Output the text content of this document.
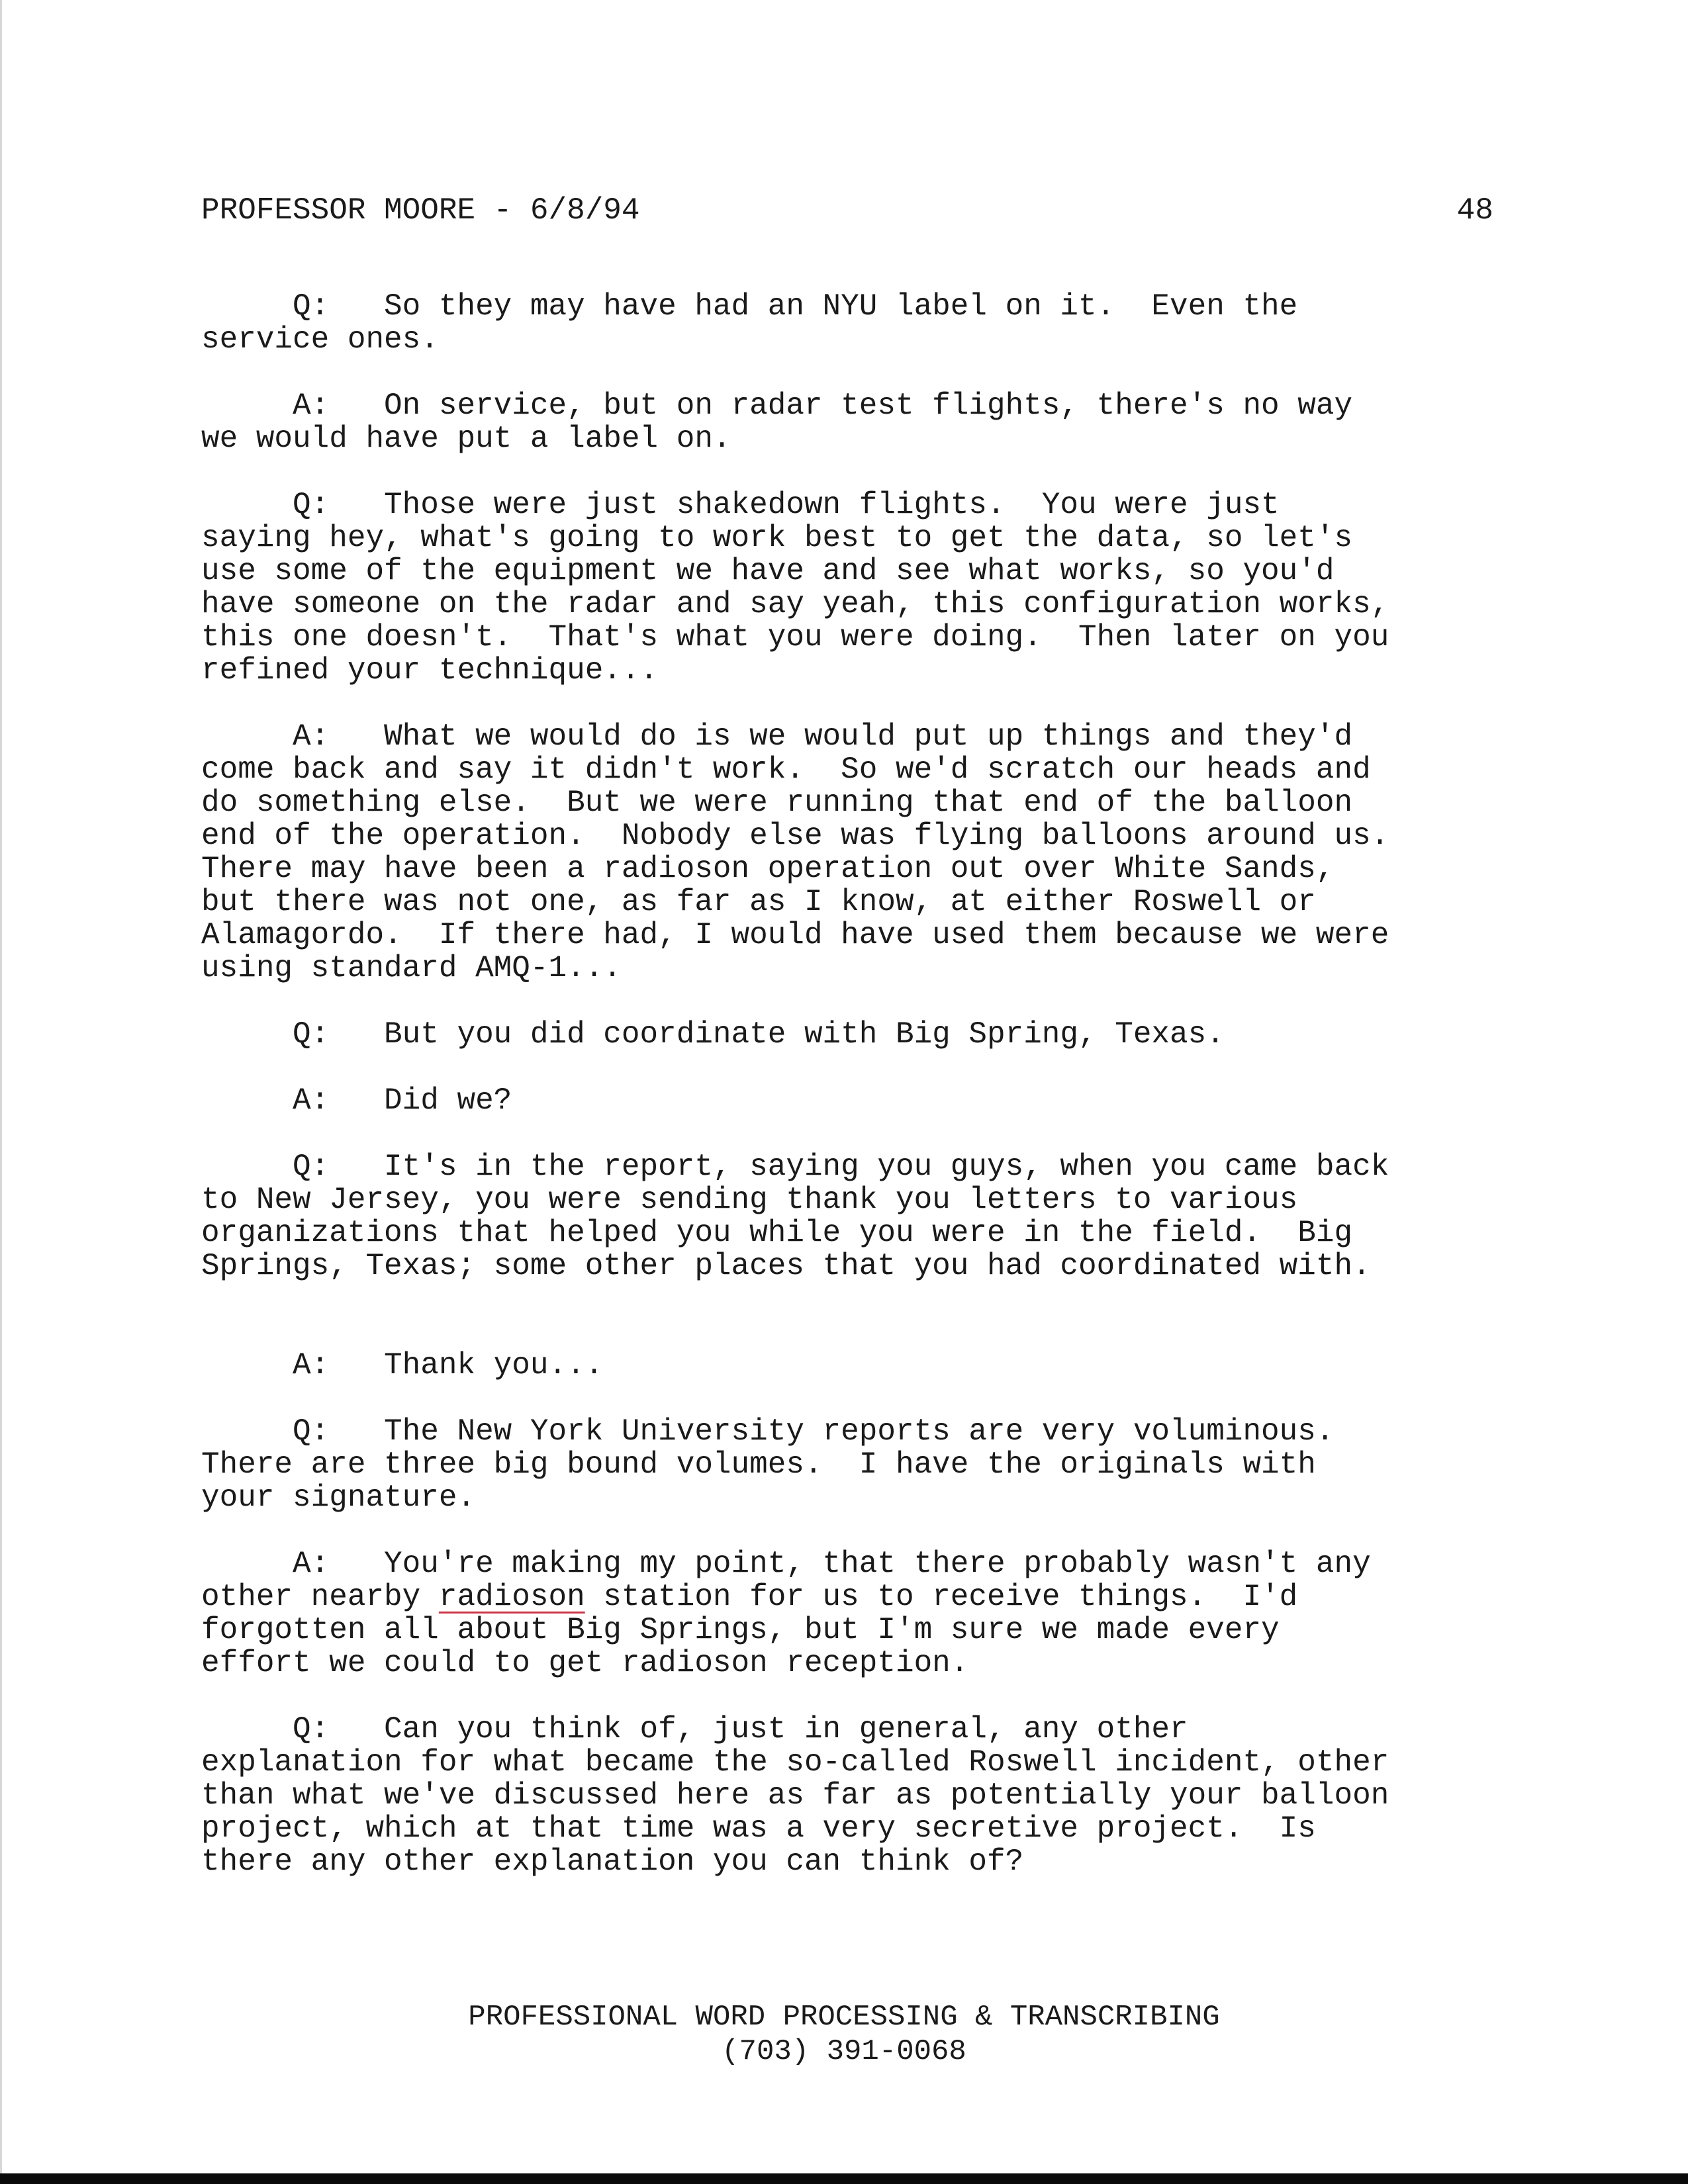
PROFESSOR MOORE - 6/8/94	48

Q:   So they may have had an NYU label on it.  Even the
service ones.

A:   On service, but on radar test flights, there's no way
we would have put a label on.

Q:   Those were just shakedown flights.  You were just
saying hey, what's going to work best to get the data, so let's
use some of the equipment we have and see what works, so you'd
have someone on the radar and say yeah, this configuration works,
this one doesn't.  That's what you were doing.  Then later on you
refined your technique...

A:   What we would do is we would put up things and they'd
come back and say it didn't work.  So we'd scratch our heads and
do something else.  But we were running that end of the balloon
end of the operation.  Nobody else was flying balloons around us.
There may have been a radioson operation out over White Sands,
but there was not one, as far as I know, at either Roswell or
Alamagordo.  If there had, I would have used them because we were
using standard AMQ-1...

Q:   But you did coordinate with Big Spring, Texas.

A:   Did we?

Q:   It's in the report, saying you guys, when you came back
to New Jersey, you were sending thank you letters to various
organizations that helped you while you were in the field.  Big
Springs, Texas; some other places that you had coordinated with.

A:   Thank you...

Q:   The New York University reports are very voluminous.
There are three big bound volumes.  I have the originals with
your signature.

A:   You're making my point, that there probably wasn't any
other nearby radioson station for us to receive things.  I'd
forgotten all about Big Springs, but I'm sure we made every
effort we could to get radioson reception.

Q:   Can you think of, just in general, any other
explanation for what became the so-called Roswell incident, other
than what we've discussed here as far as potentially your balloon
project, which at that time was a very secretive project.  Is
there any other explanation you can think of?

PROFESSIONAL WORD PROCESSING & TRANSCRIBING
(703) 391-0068
